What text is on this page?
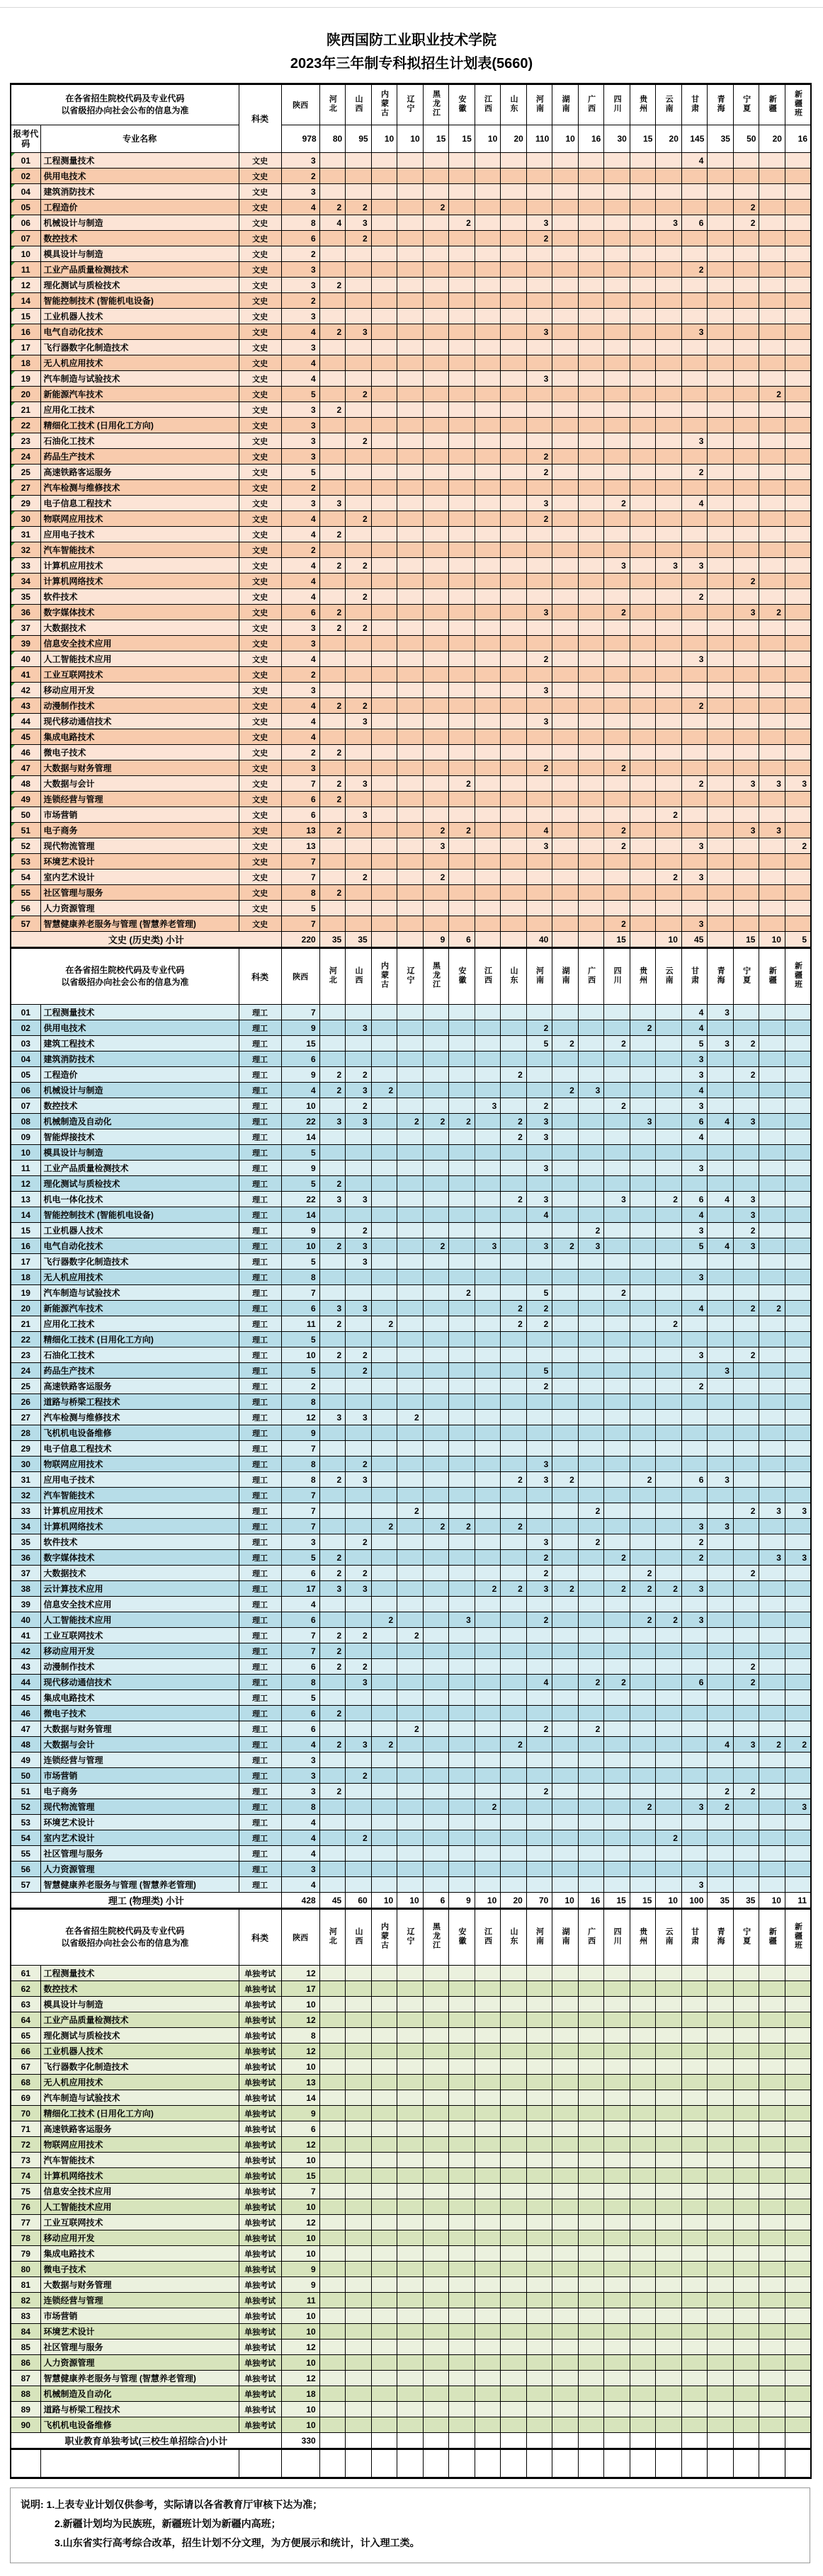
陕西国防工业职业技术学院
2023年三年制专科拟招生计划表(5660)
在各省招生院校代码及专业代码
以省级招办向社会公布的信息为准		科类	陕西	河北	山西	内蒙古	辽宁	黑龙江	安徽	江西	山东	河南	湖南	广西	四川	贵州	云南	甘肃	青海	宁夏	新疆	新疆班
报考代码	专业名称		978	80	95	10	10	15	15	10	20	110	10	16	30	15	20	145	35	50	20	16
01	工程测量技术	文史	3															4				
02	供用电技术	文史	2																			
04	建筑消防技术	文史	3																			
05	工程造价	文史	4	2	2			2												2		
06	机械设计与制造	文史	8	4	3				2			3					3	6		2		
07	数控技术	文史	6		2							2										
10	模具设计与制造	文史	2																			
11	工业产品质量检测技术	文史	3															2				
12	理化测试与质检技术	文史	3	2																		
14	智能控制技术 (智能机电设备)	文史	2																			
15	工业机器人技术	文史	3																			
16	电气自动化技术	文史	4	2	3							3						3				
17	飞行器数字化制造技术	文史	3																			
18	无人机应用技术	文史	4																			
19	汽车制造与试验技术	文史	4									3										
20	新能源汽车技术	文史	5		2																2	
21	应用化工技术	文史	3	2																		
22	精细化工技术 (日用化工方向)	文史	3																			
23	石油化工技术	文史	3		2													3				
24	药品生产技术	文史	3									2										
25	高速铁路客运服务	文史	5									2						2				
27	汽车检测与维修技术	文史	2																			
29	电子信息工程技术	文史	3	3								3			2			4				
30	物联网应用技术	文史	4		2							2										
31	应用电子技术	文史	4	2																		
32	汽车智能技术	文史	2																			
33	计算机应用技术	文史	4	2	2										3		3	3				
34	计算机网络技术	文史	4																	2		
35	软件技术	文史	4		2													2				
36	数字媒体技术	文史	6	2								3			2					3	2	
37	大数据技术	文史	3	2	2																	
39	信息安全技术应用	文史	3																			
40	人工智能技术应用	文史	4									2						3				
41	工业互联网技术	文史	2																			
42	移动应用开发	文史	3									3										
43	动漫制作技术	文史	4	2	2													2				
44	现代移动通信技术	文史	4		3							3										
45	集成电路技术	文史	4																			
46	微电子技术	文史	2	2																		
47	大数据与财务管理	文史	3									2			2							
48	大数据与会计	文史	7	2	3				2									2		3	3	3
49	连锁经营与管理	文史	6	2																		
50	市场营销	文史	6		3												2					
51	电子商务	文史	13	2				2	2			4			2					3	3	
52	现代物流管理	文史	13					3				3			2			3				2
53	环境艺术设计	文史	7																			
54	室内艺术设计	文史	7		2			2									2	3				
55	社区管理与服务	文史	8	2																		
56	人力资源管理	文史	5																			
57	智慧健康养老服务与管理 (智慧养老管理)	文史	7												2			3				
文史 (历史类) 小计			220	35	35			9	6			40			15		10	45		15	10	5
在各省招生院校代码及专业代码
以省级招办向社会公布的信息为准		科类	陕西	河北	山西	内蒙古	辽宁	黑龙江	安徽	江西	山东	河南	湖南	广西	四川	贵州	云南	甘肃	青海	宁夏	新疆	新疆班
01	工程测量技术	理工	7															4	3			
02	供用电技术	理工	9		3							2				2		4				
03	建筑工程技术	理工	15									5	2		2			5	3	2		
04	建筑消防技术	理工	6															3				
05	工程造价	理工	9	2	2						2							3		2		
06	机械设计与制造	理工	4	2	3	2							2	3				4				
07	数控技术	理工	10		2					3		2			2			3				
08	机械制造及自动化	理工	22	3	3		2	2	2		2	3				3		6	4	3		
09	智能焊接技术	理工	14								2	3						4				
10	模具设计与制造	理工	5																			
11	工业产品质量检测技术	理工	9									3						3				
12	理化测试与质检技术	理工	5	2																		
13	机电一体化技术	理工	22	3	3						2	3			3		2	6	4	3		
14	智能控制技术 (智能机电设备)	理工	14									4						4		3		
15	工业机器人技术	理工	9		2									2				3		2		
16	电气自动化技术	理工	10	2	3			2		3		3	2	3				5	4	3		
17	飞行器数字化制造技术	理工	5		3																	
18	无人机应用技术	理工	8															3				
19	汽车制造与试验技术	理工	7						2			5			2							
20	新能源汽车技术	理工	6	3	3						2	2						4		2	2	
21	应用化工技术	理工	11	2		2					2	2					2					
22	精细化工技术 (日用化工方向)	理工	5																			
23	石油化工技术	理工	10	2	2													3		2		
24	药品生产技术	理工	5		2							5							3			
25	高速铁路客运服务	理工	2									2						2				
26	道路与桥梁工程技术	理工	8																			
27	汽车检测与维修技术	理工	12	3	3		2															
28	飞机机电设备维修	理工	9																			
29	电子信息工程技术	理工	7																			
30	物联网应用技术	理工	8		2							3										
31	应用电子技术	理工	8	2	3						2	3	2			2		6	3			
32	汽车智能技术	理工	7																			
33	计算机应用技术	理工	7				2							2						2	3	3
34	计算机网络技术	理工	7			2		2	2		2							3	3			
35	软件技术	理工	3		2							3		2				2				
36	数字媒体技术	理工	5	2								2			2			2			3	3
37	大数据技术	理工	6	2	2							2				2				2		
38	云计算技术应用	理工	17	3	3					2	2	3	2		2	2	2	3				
39	信息安全技术应用	理工	4																			
40	人工智能技术应用	理工	6			2			3			2				2	2	3				
41	工业互联网技术	理工	7	2	2		2															
42	移动应用开发	理工	7	2																		
43	动漫制作技术	理工	6	2	2															2		
44	现代移动通信技术	理工	8		3							4		2	2			6		2		
45	集成电路技术	理工	5																			
46	微电子技术	理工	6	2																		
47	大数据与财务管理	理工	6				2					2		2								
48	大数据与会计	理工	4	2	3	2					2								4	3	2	2
49	连锁经营与管理	理工	3																			
50	市场营销	理工	3		2																	
51	电子商务	理工	3	2								2							2	2		
52	现代物流管理	理工	8							2						2		3	2			3
53	环境艺术设计	理工	4																			
54	室内艺术设计	理工	4		2												2					
55	社区管理与服务	理工	4																			
56	人力资源管理	理工	3																			
57	智慧健康养老服务与管理 (智慧养老管理)	理工	4															3				
理工 (物理类) 小计			428	45	60	10	10	6	9	10	20	70	10	16	15	15	10	100	35	35	10	11
在各省招生院校代码及专业代码
以省级招办向社会公布的信息为准		科类	陕西	河北	山西	内蒙古	辽宁	黑龙江	安徽	江西	山东	河南	湖南	广西	四川	贵州	云南	甘肃	青海	宁夏	新疆	新疆班
61	工程测量技术	单独考试	12																			
62	数控技术	单独考试	17																			
63	模具设计与制造	单独考试	10																			
64	工业产品质量检测技术	单独考试	12																			
65	理化测试与质检技术	单独考试	8																			
66	工业机器人技术	单独考试	12																			
67	飞行器数字化制造技术	单独考试	10																			
68	无人机应用技术	单独考试	13																			
69	汽车制造与试验技术	单独考试	14																			
70	精细化工技术 (日用化工方向)	单独考试	9																			
71	高速铁路客运服务	单独考试	6																			
72	物联网应用技术	单独考试	12																			
73	汽车智能技术	单独考试	10																			
74	计算机网络技术	单独考试	15																			
75	信息安全技术应用	单独考试	7																			
76	人工智能技术应用	单独考试	10																			
77	工业互联网技术	单独考试	12																			
78	移动应用开发	单独考试	10																			
79	集成电路技术	单独考试	10																			
80	微电子技术	单独考试	9																			
81	大数据与财务管理	单独考试	9																			
82	连锁经营与管理	单独考试	11																			
83	市场营销	单独考试	10																			
84	环境艺术设计	单独考试	10																			
85	社区管理与服务	单独考试	12																			
86	人力资源管理	单独考试	10																			
87	智慧健康养老服务与管理 (智慧养老管理)	单独考试	12																			
88	机械制造及自动化	单独考试	18																			
89	道路与桥梁工程技术	单独考试	10																			
90	飞机机电设备维修	单独考试	10																			
职业教育单独考试(三校生单招综合)小计			330																			

说明: 1.上表专业计划仅供参考，实际请以各省教育厅审核下达为准；
2.新疆计划均为民族班，新疆班计划为新疆内高班；
3.山东省实行高考综合改革，招生计划不分文理，为方便展示和统计，计入理工类。
